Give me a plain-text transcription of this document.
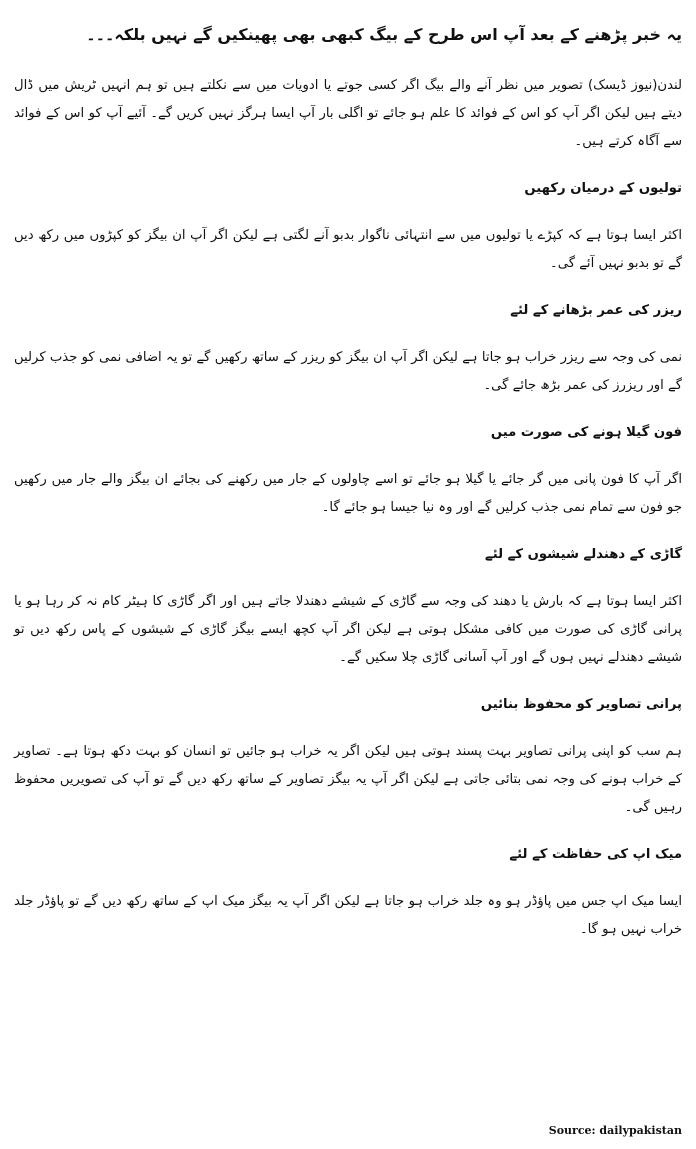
یہ خبر پڑھنے کے بعد آپ اس طرح کے بیگ کبھی بھی پھینکیں گے نہیں بلکہ۔۔۔
لندن(نیوز ڈیسک) تصویر میں نظر آنے والے بیگ اگر کسی جوتے یا ادویات میں سے نکلتے ہیں تو ہم انہیں ٹریش میں ڈال دیتے ہیں لیکن اگر آپ کو اس کے فوائد کا علم ہو جائے تو اگلی بار آپ ایسا ہرگز نہیں کریں گے۔ آئیے آپ کو اس کے فوائد سے آگاہ کرتے ہیں۔
تولیوں کے درمیان رکھیں
اکثر ایسا ہوتا ہے کہ کپڑے یا تولیوں میں سے انتہائی ناگوار بدبو آنے لگتی ہے لیکن اگر آپ ان بیگز کو کپڑوں میں رکھ دیں گے تو بدبو نہیں آئے گی۔
ریزر کی عمر بڑھانے کے لئے
نمی کی وجہ سے ریزر خراب ہو جاتا ہے لیکن اگر آپ ان بیگز کو ریزر کے ساتھ رکھیں گے تو یہ اضافی نمی کو جذب کرلیں گے اور ریزرز کی عمر بڑھ جائے گی۔
فون گیلا ہونے کی صورت میں
اگر آپ کا فون پانی میں گر جائے یا گیلا ہو جائے تو اسے چاولوں کے جار میں رکھنے کی بجائے ان بیگز والے جار میں رکھیں جو فون سے تمام نمی جذب کرلیں گے اور وہ نیا جیسا ہو جائے گا۔
گاڑی کے دھندلے شیشوں کے لئے
اکثر ایسا ہوتا ہے کہ بارش یا دھند کی وجہ سے گاڑی کے شیشے دھندلا جاتے ہیں اور اگر گاڑی کا ہیٹر کام نہ کر رہا ہو یا پرانی گاڑی کی صورت میں کافی مشکل ہوتی ہے لیکن اگر آپ کچھ ایسے بیگز گاڑی کے شیشوں کے پاس رکھ دیں تو شیشے دھندلے نہیں ہوں گے اور آپ آسانی گاڑی چلا سکیں گے۔
پرانی تصاویر کو محفوظ بنائیں
ہم سب کو اپنی پرانی تصاویر بہت پسند ہوتی ہیں لیکن اگر یہ خراب ہو جائیں تو انسان کو بہت دکھ ہوتا ہے۔ تصاویر کے خراب ہونے کی وجہ نمی بتائی جاتی ہے لیکن اگر آپ یہ بیگز تصاویر کے ساتھ رکھ دیں گے تو آپ کی تصویریں محفوظ رہیں گی۔
میک اپ کی حفاظت کے لئے
ایسا میک اپ جس میں پاؤڈر ہو وہ جلد خراب ہو جاتا ہے لیکن اگر آپ یہ بیگز میک اپ کے ساتھ رکھ دیں گے تو پاؤڈر جلد خراب نہیں ہو گا۔
Source: dailypakistan
